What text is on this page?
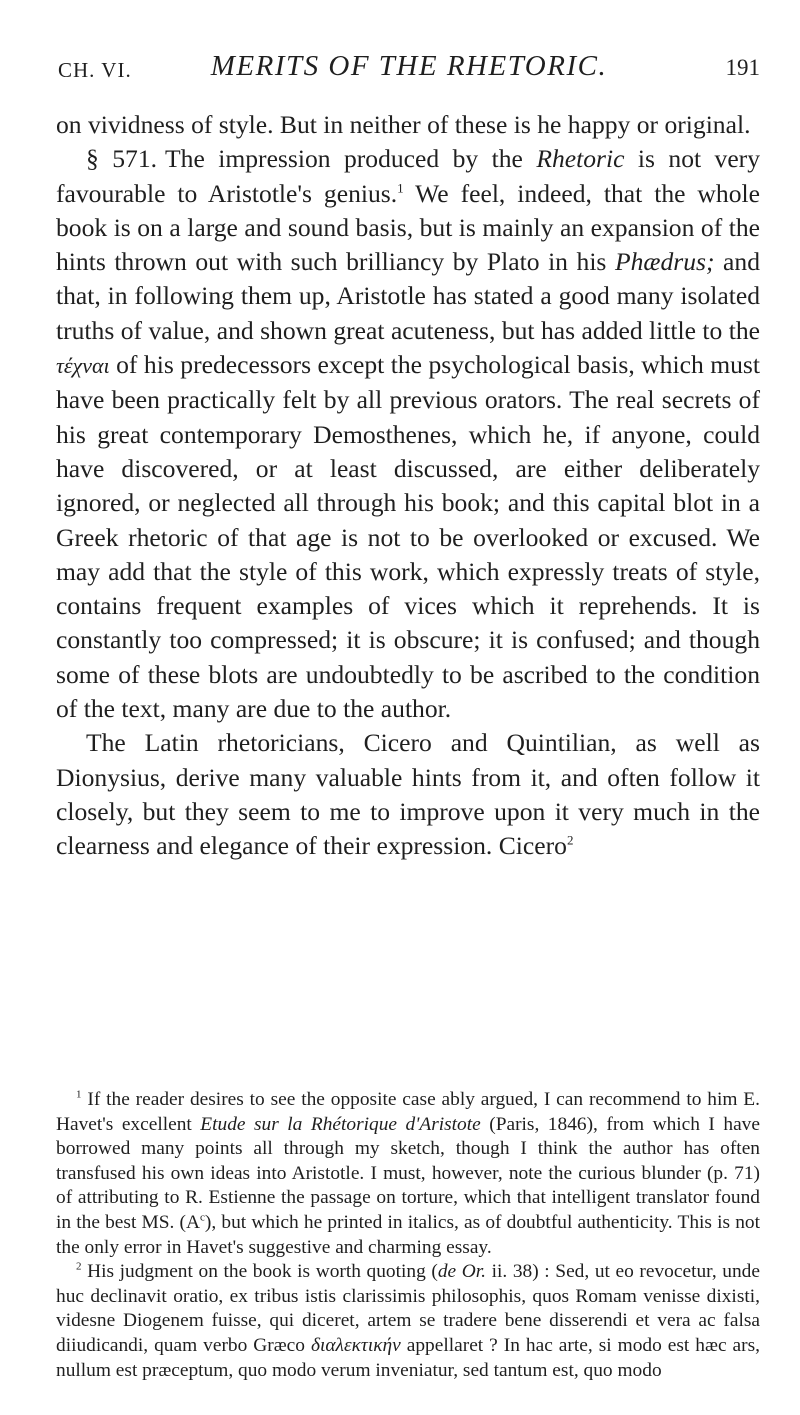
CH. VI.	MERITS OF THE RHETORIC.	191

on vividness of style. But in neither of these is he happy or original.

§ 571. The impression produced by the Rhetoric is not very favourable to Aristotle's genius.$^1$ We feel, indeed, that the whole book is on a large and sound basis, but is mainly an expansion of the hints thrown out with such brilliancy by Plato in his Phædrus; and that, in following them up, Aristotle has stated a good many isolated truths of value, and shown great acuteness, but has added little to the τέχναι of his predecessors except the psychological basis, which must have been practically felt by all previous orators. The real secrets of his great contemporary Demosthenes, which he, if anyone, could have discovered, or at least discussed, are either deliberately ignored, or neglected all through his book; and this capital blot in a Greek rhetoric of that age is not to be overlooked or excused. We may add that the style of this work, which expressly treats of style, contains frequent examples of vices which it reprehends. It is constantly too compressed; it is obscure; it is confused; and though some of these blots are undoubtedly to be ascribed to the condition of the text, many are due to the author.

The Latin rhetoricians, Cicero and Quintilian, as well as Dionysius, derive many valuable hints from it, and often follow it closely, but they seem to me to improve upon it very much in the clearness and elegance of their expression. Cicero$^2$

$^1$ If the reader desires to see the opposite case ably argued, I can recommend to him E. Havet's excellent Etude sur la Rhétorique d'Aristote (Paris, 1846), from which I have borrowed many points all through my sketch, though I think the author has often transfused his own ideas into Aristotle. I must, however, note the curious blunder (p. 71) of attributing to R. Estienne the passage on torture, which that intelligent translator found in the best MS. $(A^c)$, but which he printed in italics, as of doubtful authenticity. This is not the only error in Havet's suggestive and charming essay.

$^2$ His judgment on the book is worth quoting (de Or. ii. 38) : Sed, ut eo revocetur, unde huc declinavit oratio, ex tribus istis clarissimis philosophis, quos Romam venisse dixisti, videsne Diogenem fuisse, qui diceret, artem se tradere bene disserendi et vera ac falsa diiudicandi, quam verbo Græco διαλεκτικήν appellaret ? In hac arte, si modo est hæc ars, nullum est præceptum, quo modo verum inveniatur, sed tantum est, quo modo
